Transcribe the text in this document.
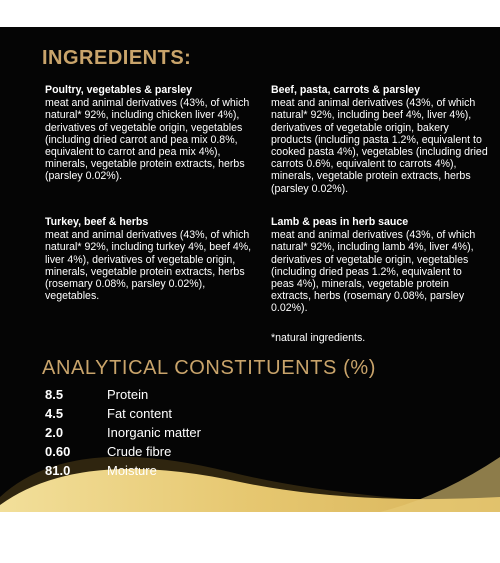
INGREDIENTS:

Poultry, vegetables & parsley

meat and animal derivatives (43%, of which natural* 92%, including chicken liver 4%), derivatives of vegetable origin, vegetables (including dried carrot and pea mix 0.8%, equivalent to carrot and pea mix 4%), minerals, vegetable protein extracts, herbs (parsley 0.02%).

Beef, pasta, carrots & parsley

meat and animal derivatives (43%, of which natural* 92%, including beef 4%, liver 4%), derivatives of vegetable origin, bakery products (including pasta 1.2%, equivalent to cooked pasta 4%), vegetables (including dried carrots 0.6%, equivalent to carrots 4%), minerals, vegetable protein extracts, herbs (parsley 0.02%).

Turkey, beef & herbs

meat and animal derivatives (43%, of which natural* 92%, including turkey 4%, beef 4%, liver 4%), derivatives of vegetable origin, minerals, vegetable protein extracts, herbs (rosemary 0.08%, parsley 0.02%), vegetables.

Lamb & peas in herb sauce

meat and animal derivatives (43%, of which natural* 92%, including lamb 4%, liver 4%), derivatives of vegetable origin, vegetables (including dried peas 1.2%, equivalent to peas 4%), minerals, vegetable protein extracts, herbs (rosemary 0.08%, parsley 0.02%).

*natural ingredients.
ANALYTICAL CONSTITUENTS (%)
8.5	Protein
4.5	Fat content
2.0	Inorganic matter
0.60	Crude fibre
81.0	Moisture
